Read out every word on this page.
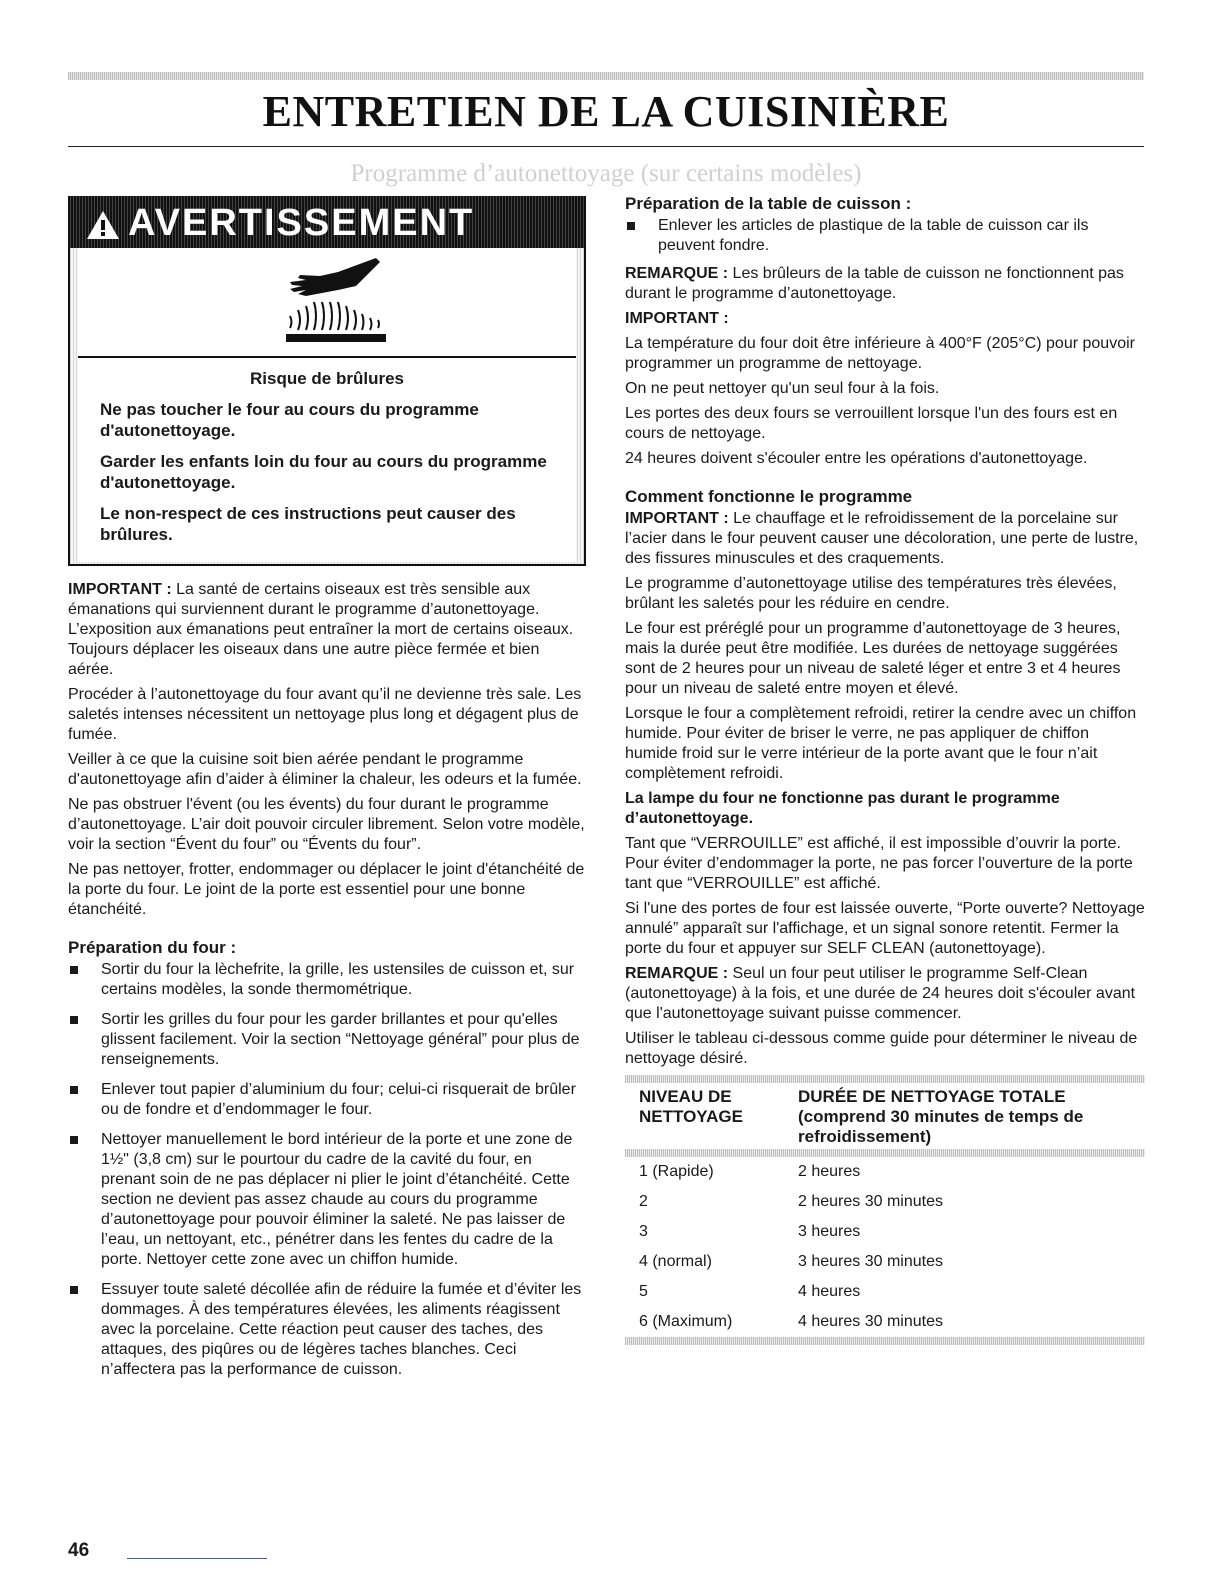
ENTRETIEN DE LA CUISINIÈRE
Programme d’autonettoyage (sur certains modèles)
AVERTISSEMENT
Risque de brûlures

Ne pas toucher le four au cours du programme d'autonettoyage.

Garder les enfants loin du four au cours du programme d'autonettoyage.

Le non-respect de ces instructions peut causer des brûlures.

IMPORTANT : La santé de certains oiseaux est très sensible aux émanations qui surviennent durant le programme d’autonettoyage. L’exposition aux émanations peut entraîner la mort de certains oiseaux. Toujours déplacer les oiseaux dans une autre pièce fermée et bien aérée.

Procéder à l’autonettoyage du four avant qu’il ne devienne très sale. Les saletés intenses nécessitent un nettoyage plus long et dégagent plus de fumée.

Veiller à ce que la cuisine soit bien aérée pendant le programme d'autonettoyage afin d’aider à éliminer la chaleur, les odeurs et la fumée.

Ne pas obstruer l'évent (ou les évents) du four durant le programme d’autonettoyage. L’air doit pouvoir circuler librement. Selon votre modèle, voir la section “Évent du four” ou “Évents du four”.

Ne pas nettoyer, frotter, endommager ou déplacer le joint d'étanchéité de la porte du four. Le joint de la porte est essentiel pour une bonne étanchéité.

Préparation du four :
Sortir du four la lèchefrite, la grille, les ustensiles de cuisson et, sur certains modèles, la sonde thermométrique.
Sortir les grilles du four pour les garder brillantes et pour qu'elles glissent facilement. Voir la section “Nettoyage général” pour plus de renseignements.
Enlever tout papier d’aluminium du four; celui-ci risquerait de brûler ou de fondre et d’endommager le four.
Nettoyer manuellement le bord intérieur de la porte et une zone de 1½" (3,8 cm) sur le pourtour du cadre de la cavité du four, en prenant soin de ne pas déplacer ni plier le joint d’étanchéité. Cette section ne devient pas assez chaude au cours du programme d’autonettoyage pour pouvoir éliminer la saleté. Ne pas laisser de l’eau, un nettoyant, etc., pénétrer dans les fentes du cadre de la porte. Nettoyer cette zone avec un chiffon humide.
Essuyer toute saleté décollée afin de réduire la fumée et d’éviter les dommages. À des températures élevées, les aliments réagissent avec la porcelaine. Cette réaction peut causer des taches, des attaques, des piqûres ou de légères taches blanches. Ceci n’affectera pas la performance de cuisson.
Préparation de la table de cuisson :
Enlever les articles de plastique de la table de cuisson car ils peuvent fondre.

REMARQUE : Les brûleurs de la table de cuisson ne fonctionnent pas durant le programme d’autonettoyage.

IMPORTANT :

La température du four doit être inférieure à 400°F (205°C) pour pouvoir programmer un programme de nettoyage.

On ne peut nettoyer qu'un seul four à la fois.

Les portes des deux fours se verrouillent lorsque l'un des fours est en cours de nettoyage.

24 heures doivent s'écouler entre les opérations d'autonettoyage.

Comment fonctionne le programme

IMPORTANT : Le chauffage et le refroidissement de la porcelaine sur l’acier dans le four peuvent causer une décoloration, une perte de lustre, des fissures minuscules et des craquements.

Le programme d’autonettoyage utilise des températures très élevées, brûlant les saletés pour les réduire en cendre.

Le four est préréglé pour un programme d’autonettoyage de 3 heures, mais la durée peut être modifiée. Les durées de nettoyage suggérées sont de 2 heures pour un niveau de saleté léger et entre 3 et 4 heures pour un niveau de saleté entre moyen et élevé.

Lorsque le four a complètement refroidi, retirer la cendre avec un chiffon humide. Pour éviter de briser le verre, ne pas appliquer de chiffon humide froid sur le verre intérieur de la porte avant que le four n’ait complètement refroidi.

La lampe du four ne fonctionne pas durant le programme d’autonettoyage.

Tant que “VERROUILLE” est affiché, il est impossible d’ouvrir la porte. Pour éviter d’endommager la porte, ne pas forcer l’ouverture de la porte tant que “VERROUILLE” est affiché.

Si l'une des portes de four est laissée ouverte, “Porte ouverte? Nettoyage annulé” apparaît sur l'affichage, et un signal sonore retentit. Fermer la porte du four et appuyer sur SELF CLEAN (autonettoyage).

REMARQUE : Seul un four peut utiliser le programme Self-Clean (autonettoyage) à la fois, et une durée de 24 heures doit s'écouler avant que l'autonettoyage suivant puisse commencer.

Utiliser le tableau ci-dessous comme guide pour déterminer le niveau de nettoyage désiré.

NIVEAU DE NETTOYAGE
DURÉE DE NETTOYAGE TOTALE (comprend 30 minutes de temps de refroidissement)
1 (Rapide)	2 heures
2	2 heures 30 minutes
3	3 heures
4 (normal)	3 heures 30 minutes
5	4 heures
6 (Maximum)	4 heures 30 minutes
46
